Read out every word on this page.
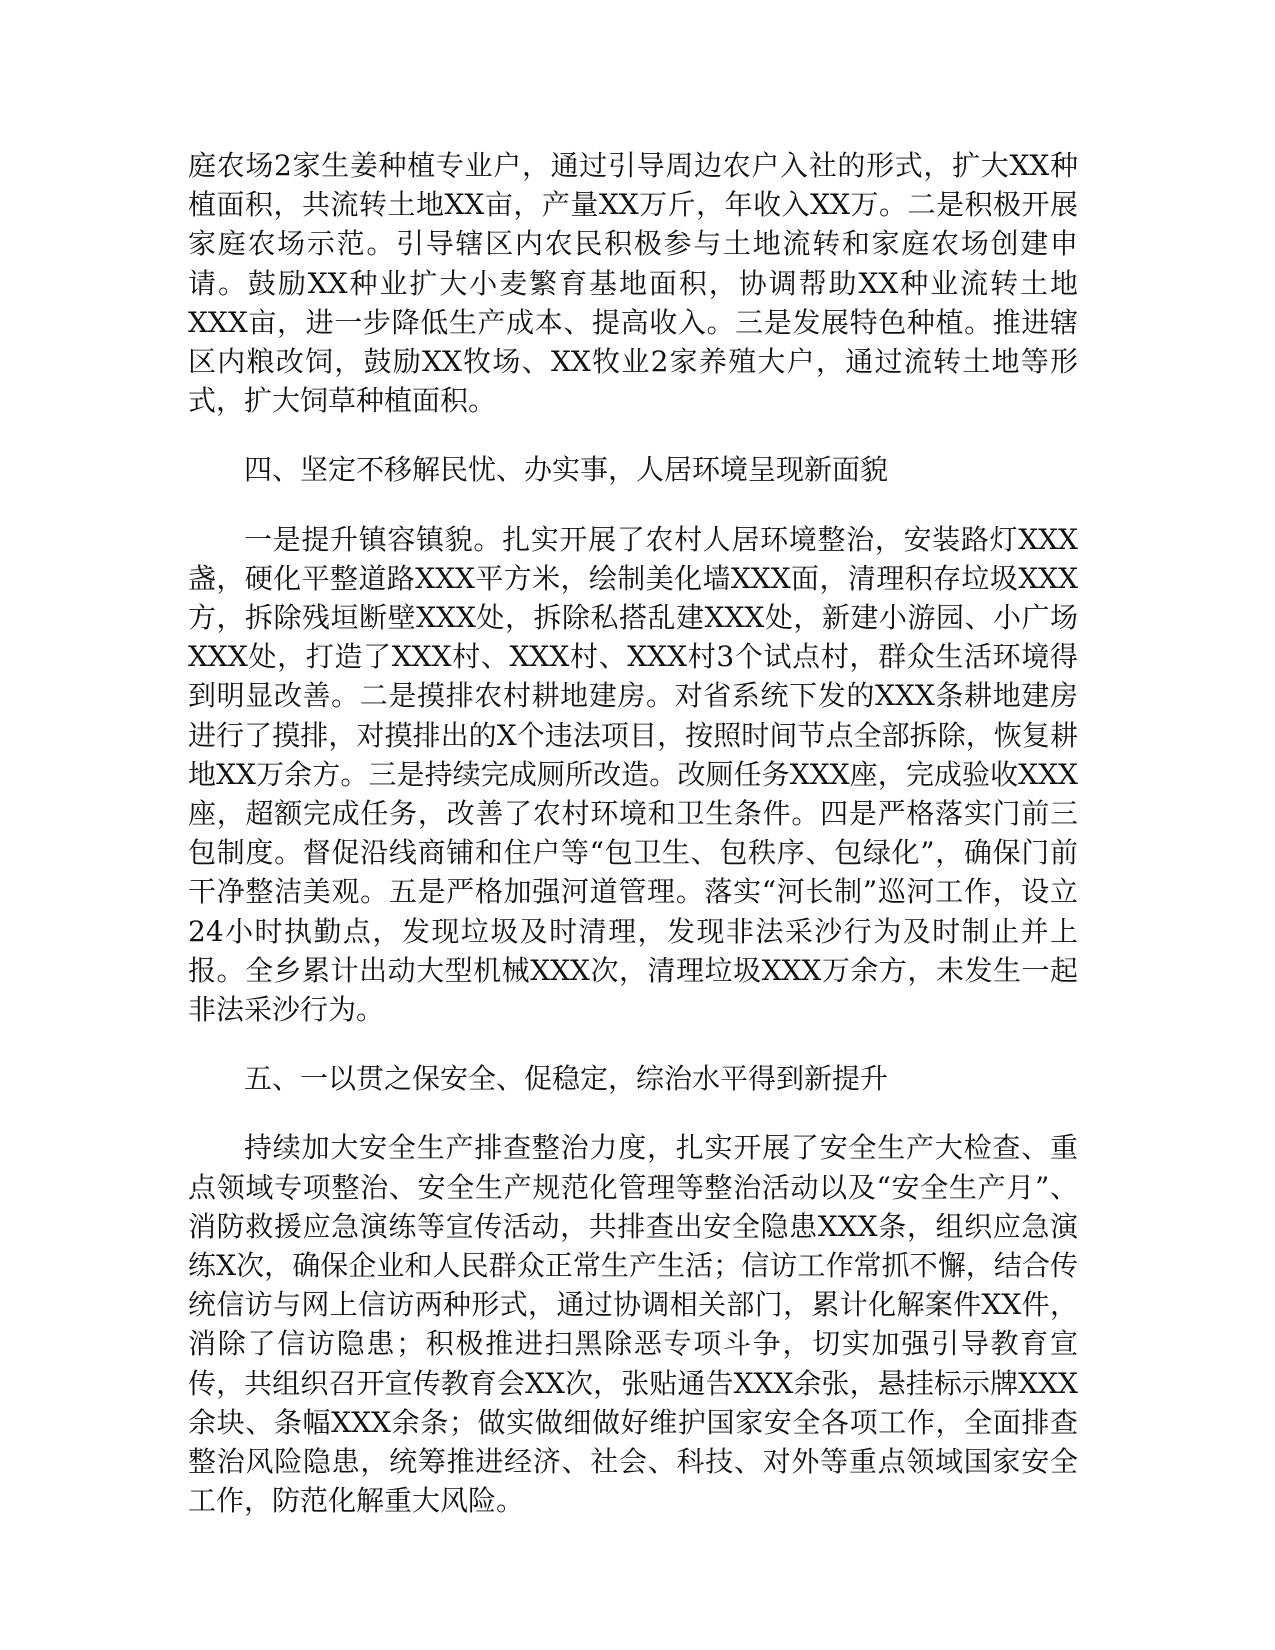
庭农场2家生姜种植专业户，通过引导周边农户入社的形式，扩大XX种植面积，共流转土地XX亩，产量XX万斤，年收入XX万。二是积极开展家庭农场示范。引导辖区内农民积极参与土地流转和家庭农场创建申请。鼓励XX种业扩大小麦繁育基地面积，协调帮助XX种业流转土地XXX亩，进一步降低生产成本、提高收入。三是发展特色种植。推进辖区内粮改饲，鼓励XX牧场、XX牧业2家养殖大户，通过流转土地等形式，扩大饲草种植面积。

四、坚定不移解民忧、办实事，人居环境呈现新面貌

一是提升镇容镇貌。扎实开展了农村人居环境整治，安装路灯XXX盏，硬化平整道路XXX平方米，绘制美化墙XXX面，清理积存垃圾XXX方，拆除残垣断壁XXX处，拆除私搭乱建XXX处，新建小游园、小广场XXX处，打造了XXX村、XXX村、XXX村3个试点村，群众生活环境得到明显改善。二是摸排农村耕地建房。对省系统下发的XXX条耕地建房进行了摸排，对摸排出的X个违法项目，按照时间节点全部拆除，恢复耕地XX万余方。三是持续完成厕所改造。改厕任务XXX座，完成验收XXX座，超额完成任务，改善了农村环境和卫生条件。四是严格落实门前三包制度。督促沿线商铺和住户等“包卫生、包秩序、包绿化”，确保门前干净整洁美观。五是严格加强河道管理。落实“河长制”巡河工作，设立24小时执勤点，发现垃圾及时清理，发现非法采沙行为及时制止并上报。全乡累计出动大型机械XXX次，清理垃圾XXX万余方，未发生一起非法采沙行为。

五、一以贯之保安全、促稳定，综治水平得到新提升

持续加大安全生产排查整治力度，扎实开展了安全生产大检查、重点领域专项整治、安全生产规范化管理等整治活动以及“安全生产月”、消防救援应急演练等宣传活动，共排查出安全隐患XXX条，组织应急演练X次，确保企业和人民群众正常生产生活；信访工作常抓不懈，结合传统信访与网上信访两种形式，通过协调相关部门，累计化解案件XX件，消除了信访隐患；积极推进扫黑除恶专项斗争，切实加强引导教育宣传，共组织召开宣传教育会XX次，张贴通告XXX余张，悬挂标示牌XXX余块、条幅XXX余条；做实做细做好维护国家安全各项工作，全面排查整治风险隐患，统筹推进经济、社会、科技、对外等重点领域国家安全工作，防范化解重大风险。
